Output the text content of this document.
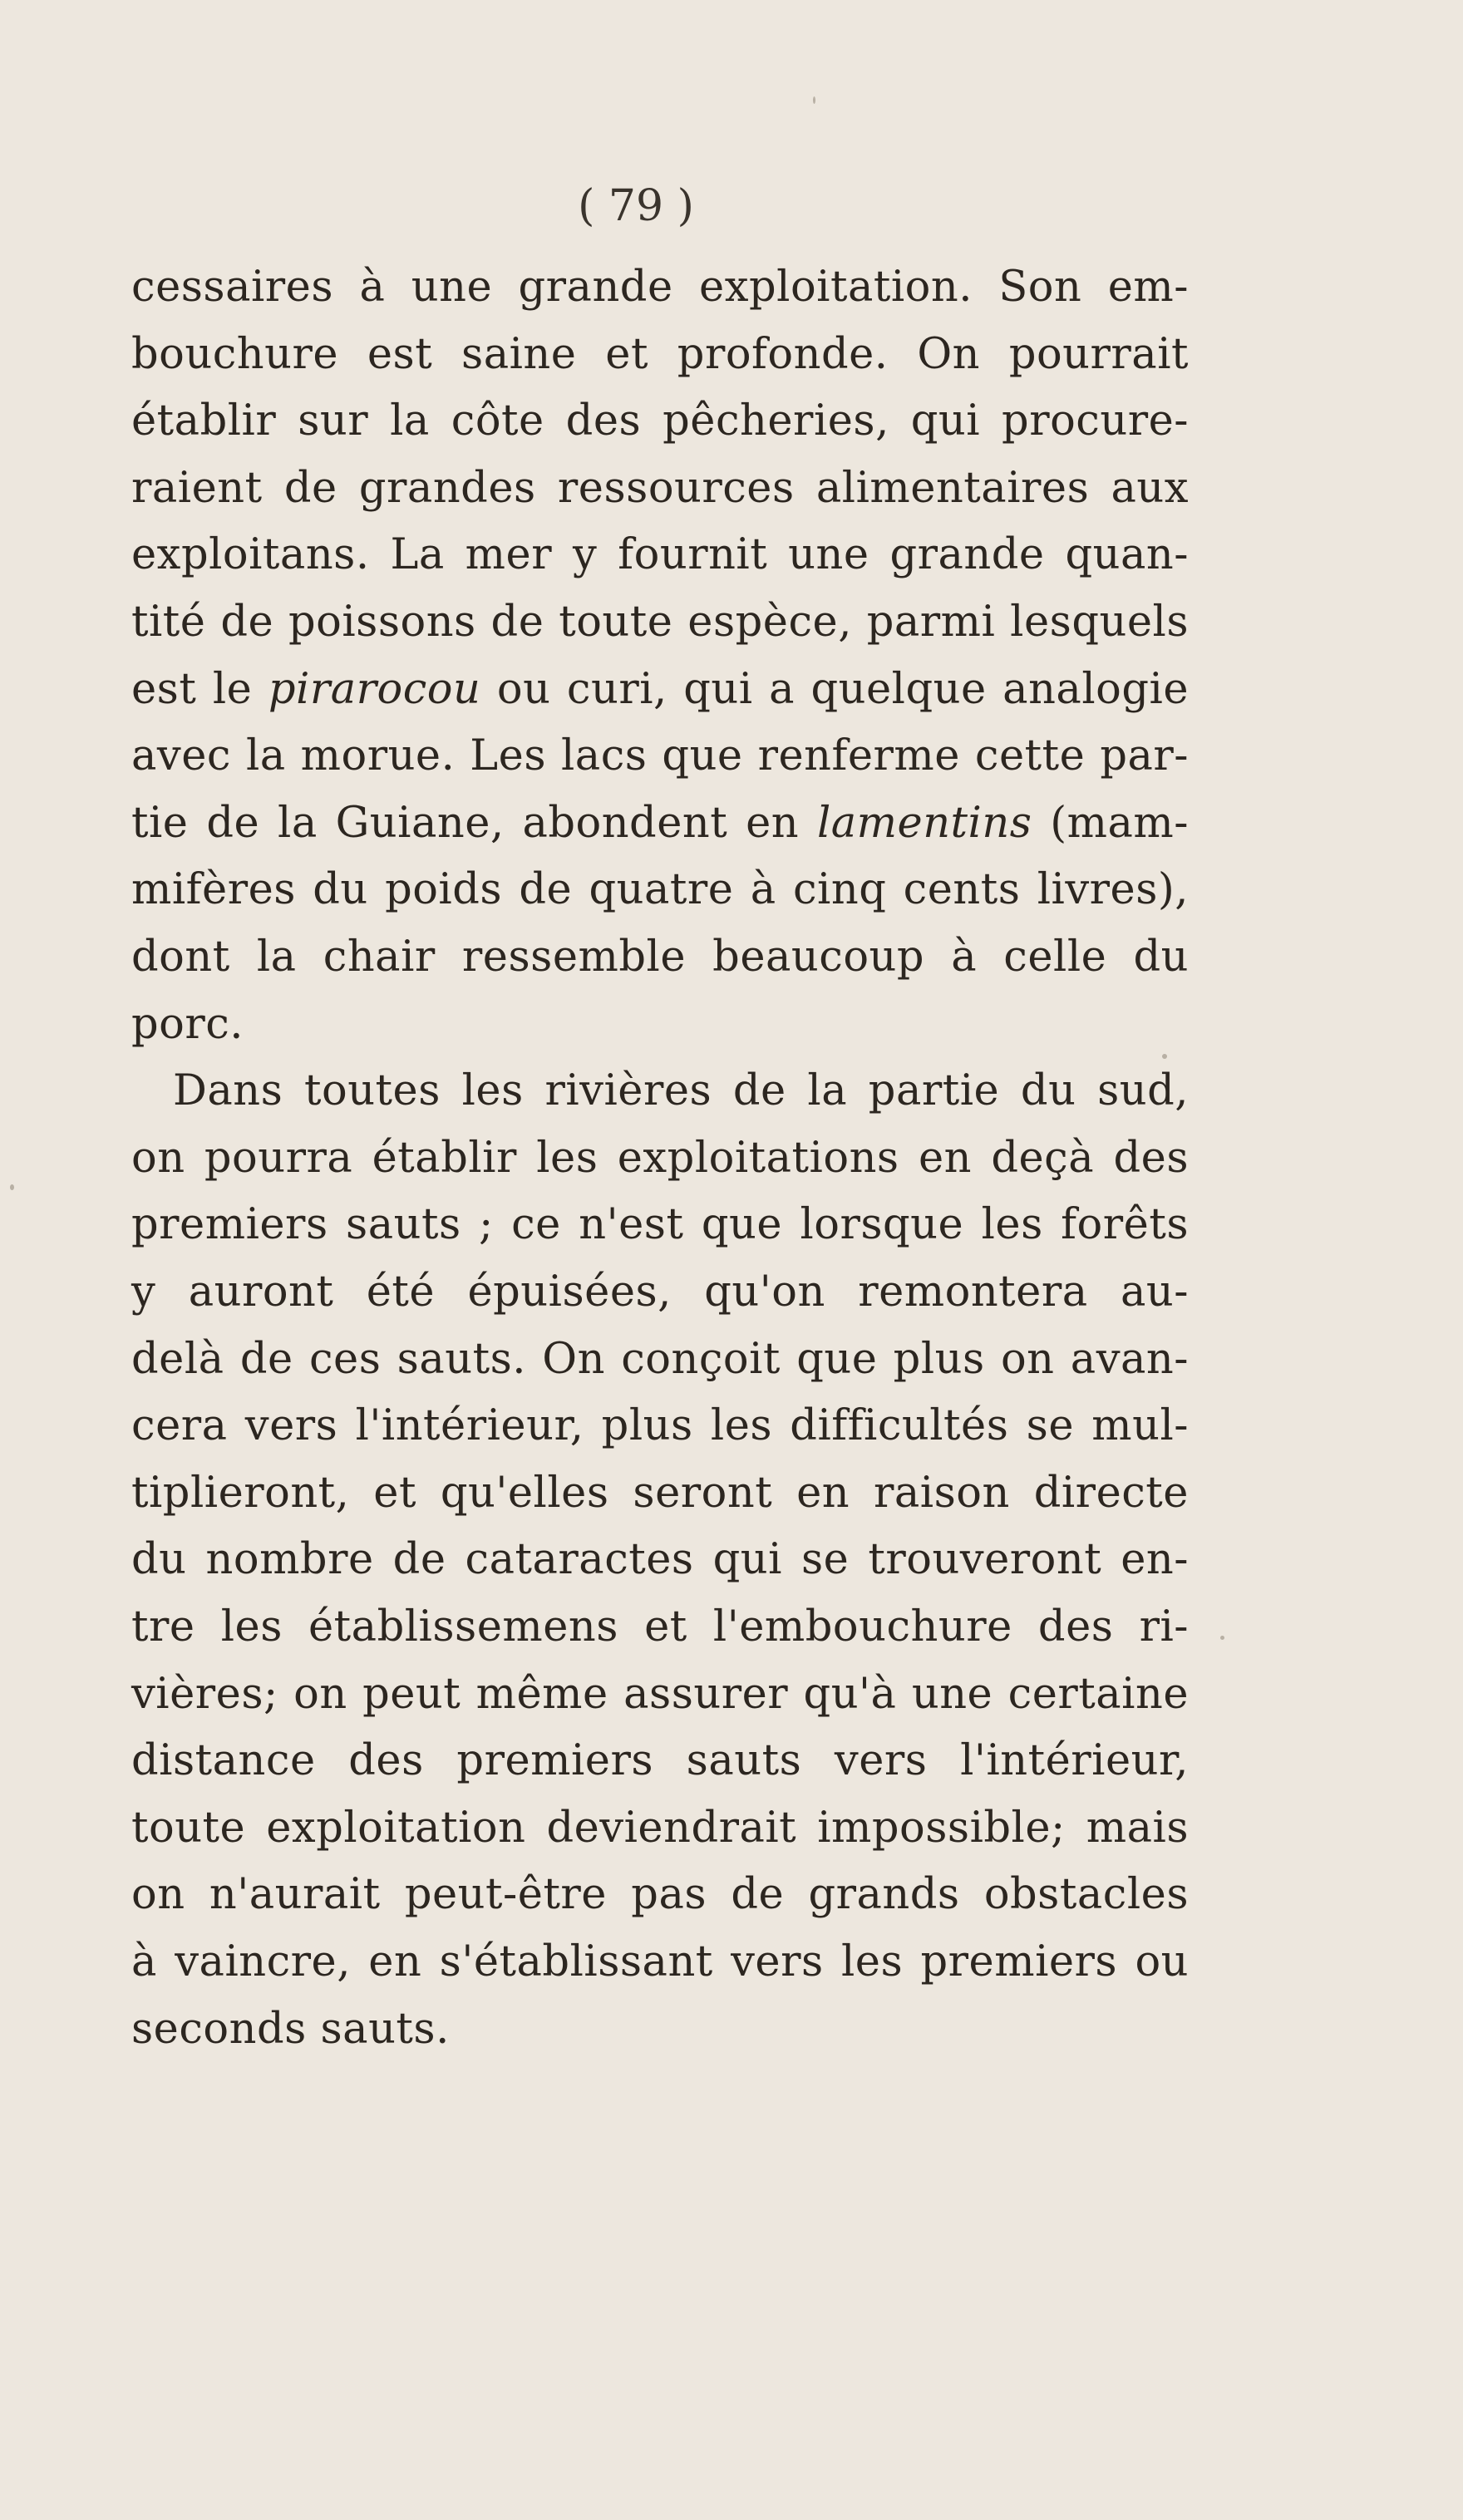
( 79 )
cessaires à une grande exploitation. Son em-
bouchure est saine et profonde. On pourrait
établir sur la côte des pêcheries, qui procure-
raient de grandes ressources alimentaires aux
exploitans. La mer y fournit une grande quan-
tité de poissons de toute espèce, parmi lesquels
est le pirarocou ou curi, qui a quelque analogie
avec la morue. Les lacs que renferme cette par-
tie de la Guiane, abondent en lamentins (mam-
mifères du poids de quatre à cinq cents livres),
dont la chair ressemble beaucoup à celle du
porc.
Dans toutes les rivières de la partie du sud,
on pourra établir les exploitations en deçà des
premiers sauts ; ce n'est que lorsque les forêts
y auront été épuisées, qu'on remontera au-
delà de ces sauts. On conçoit que plus on avan-
cera vers l'intérieur, plus les difficultés se mul-
tiplieront, et qu'elles seront en raison directe
du nombre de cataractes qui se trouveront en-
tre les établissemens et l'embouchure des ri-
vières; on peut même assurer qu'à une certaine
distance des premiers sauts vers l'intérieur,
toute exploitation deviendrait impossible; mais
on n'aurait peut-être pas de grands obstacles
à vaincre, en s'établissant vers les premiers ou
seconds sauts.
